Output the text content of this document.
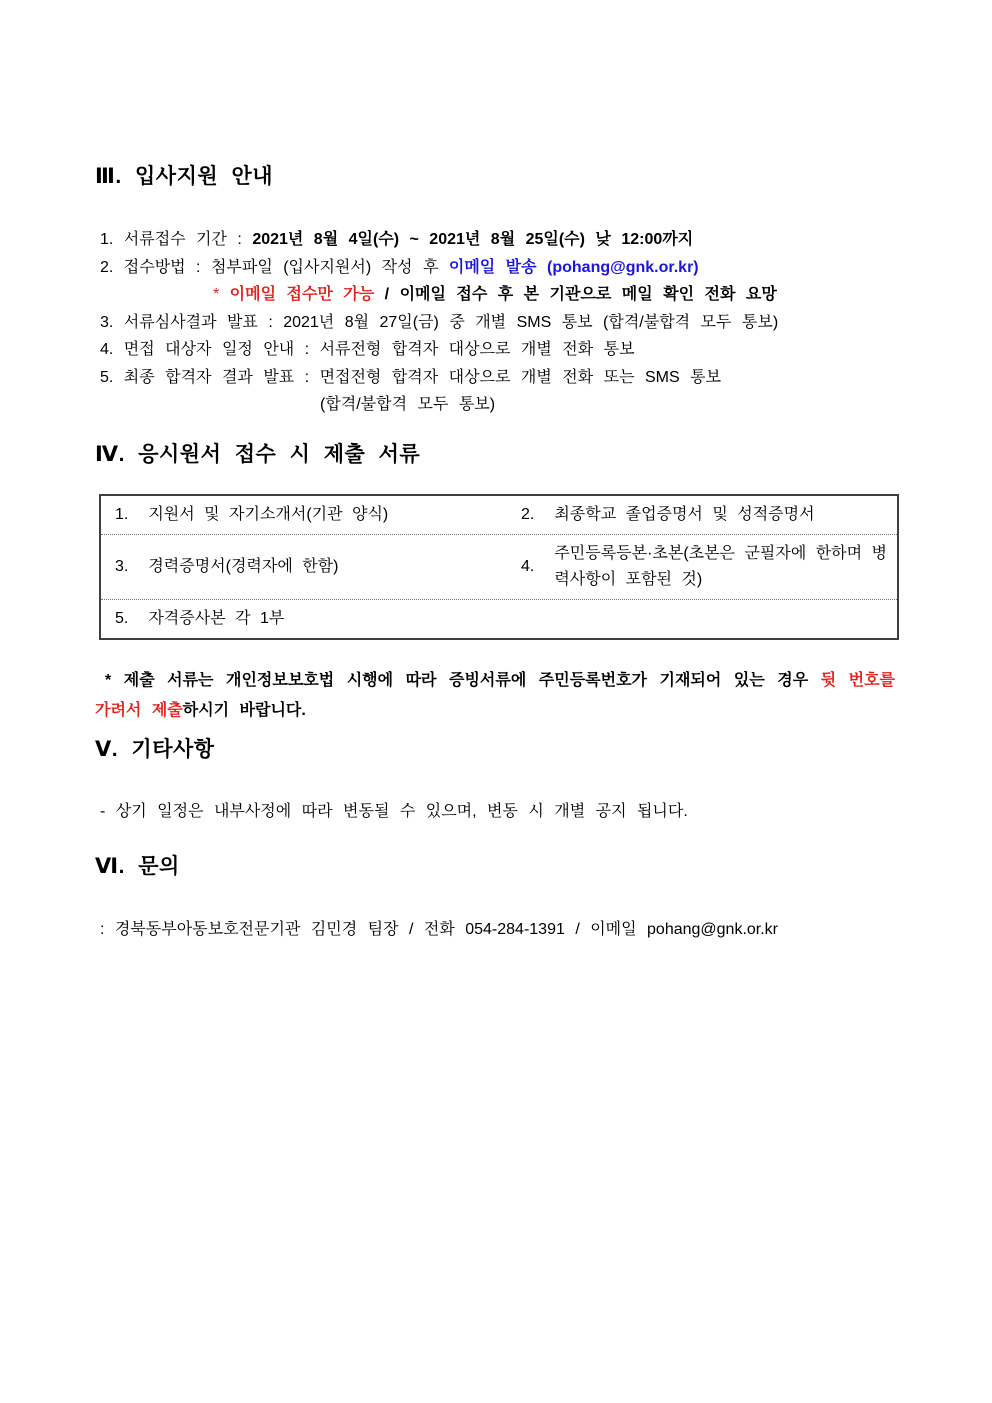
Ⅲ. 입사지원 안내
1. 서류접수 기간 : 2021년 8월 4일(수) ~ 2021년 8월 25일(수) 낮 12:00까지
2. 접수방법 : 첨부파일 (입사지원서) 작성 후 이메일 발송 (pohang@gnk.or.kr)
* 이메일 접수만 가능 / 이메일 접수 후 본 기관으로 메일 확인 전화 요망
3. 서류심사결과 발표 : 2021년 8월 27일(금) 중 개별 SMS 통보 (합격/불합격 모두 통보)
4. 면접 대상자 일정 안내 : 서류전형 합격자 대상으로 개별 전화 통보
5. 최종 합격자 결과 발표 : 면접전형 합격자 대상으로 개별 전화 또는 SMS 통보
(합격/불합격 모두 통보)
Ⅳ. 응시원서 접수 시 제출 서류
1. 지원서 및 자기소개서(기관 양식)	2. 최종학교 졸업증명서 및 성적증명서
3. 경력증명서(경력자에 한함)	4.
주민등록등본·초본(초본은 군필자에 한하며 병력사항이 포함된 것)
5. 자격증사본 각 1부

* 제출 서류는 개인정보보호법 시행에 따라 증빙서류에 주민등록번호가 기재되어 있는 경우 뒷 번호를 가려서 제출하시기 바랍니다.

Ⅴ. 기타사항
- 상기 일정은 내부사정에 따라 변동될 수 있으며, 변동 시 개별 공지 됩니다.
Ⅵ. 문의
: 경북동부아동보호전문기관 김민경 팀장 / 전화 054-284-1391 / 이메일 pohang@gnk.or.kr
